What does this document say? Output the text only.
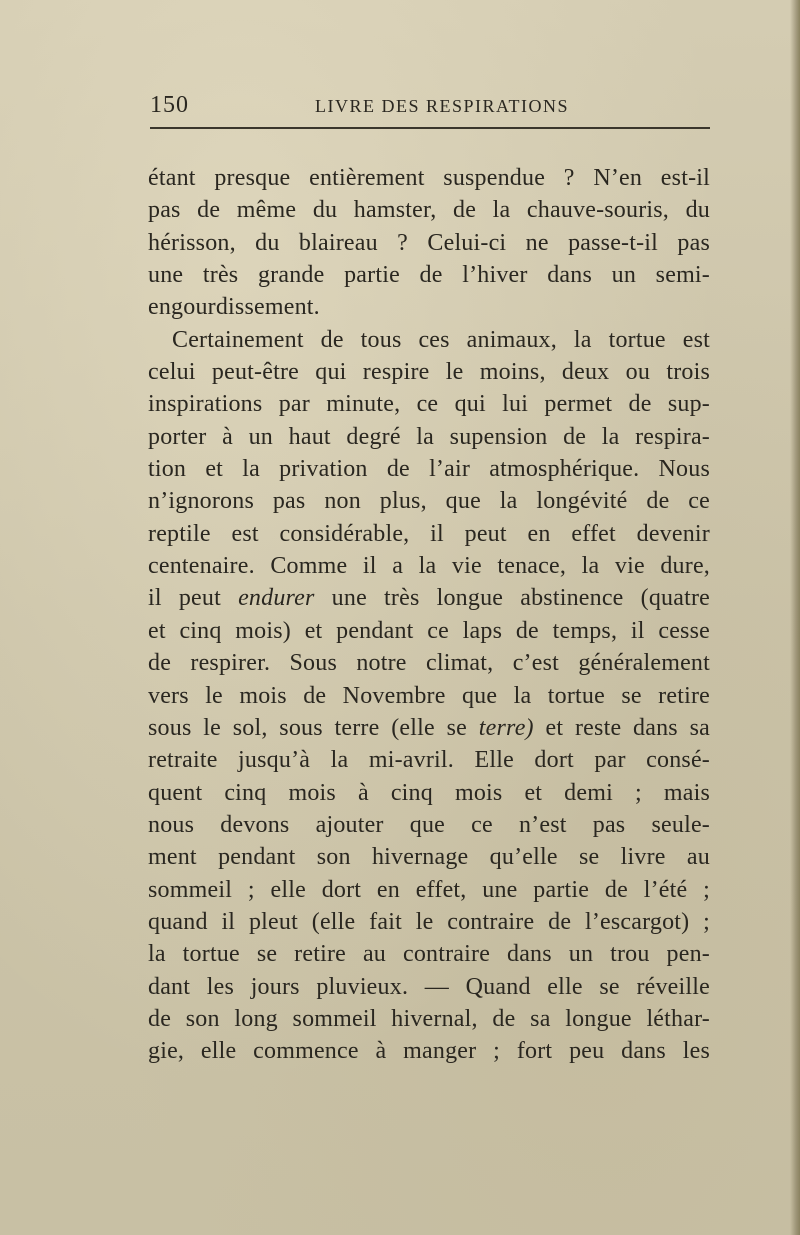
150	LIVRE DES RESPIRATIONS
étant presque entièrement suspendue ? N’en est-il
pas de même du hamster, de la chauve-souris, du
hérisson, du blaireau ? Celui-ci ne passe-t-il pas
une très grande partie de l’hiver dans un semi-
engourdissement.
Certainement de tous ces animaux, la tortue est
celui peut-être qui respire le moins, deux ou trois
inspirations par minute, ce qui lui permet de sup-
porter à un haut degré la supension de la respira-
tion et la privation de l’air atmosphérique. Nous
n’ignorons pas non plus, que la longévité de ce
reptile est considérable, il peut en effet devenir
centenaire. Comme il a la vie tenace, la vie dure,
il peut endurer une très longue abstinence (quatre
et cinq mois) et pendant ce laps de temps, il cesse
de respirer. Sous notre climat, c’est généralement
vers le mois de Novembre que la tortue se retire
sous le sol, sous terre (elle se terre) et reste dans sa
retraite jusqu’à la mi-avril. Elle dort par consé-
quent cinq mois à cinq mois et demi ; mais
nous devons ajouter que ce n’est pas seule-
ment pendant son hivernage qu’elle se livre au
sommeil ; elle dort en effet, une partie de l’été ;
quand il pleut (elle fait le contraire de l’escargot) ;
la tortue se retire au contraire dans un trou pen-
dant les jours pluvieux. — Quand elle se réveille
de son long sommeil hivernal, de sa longue léthar-
gie, elle commence à manger ; fort peu dans les
